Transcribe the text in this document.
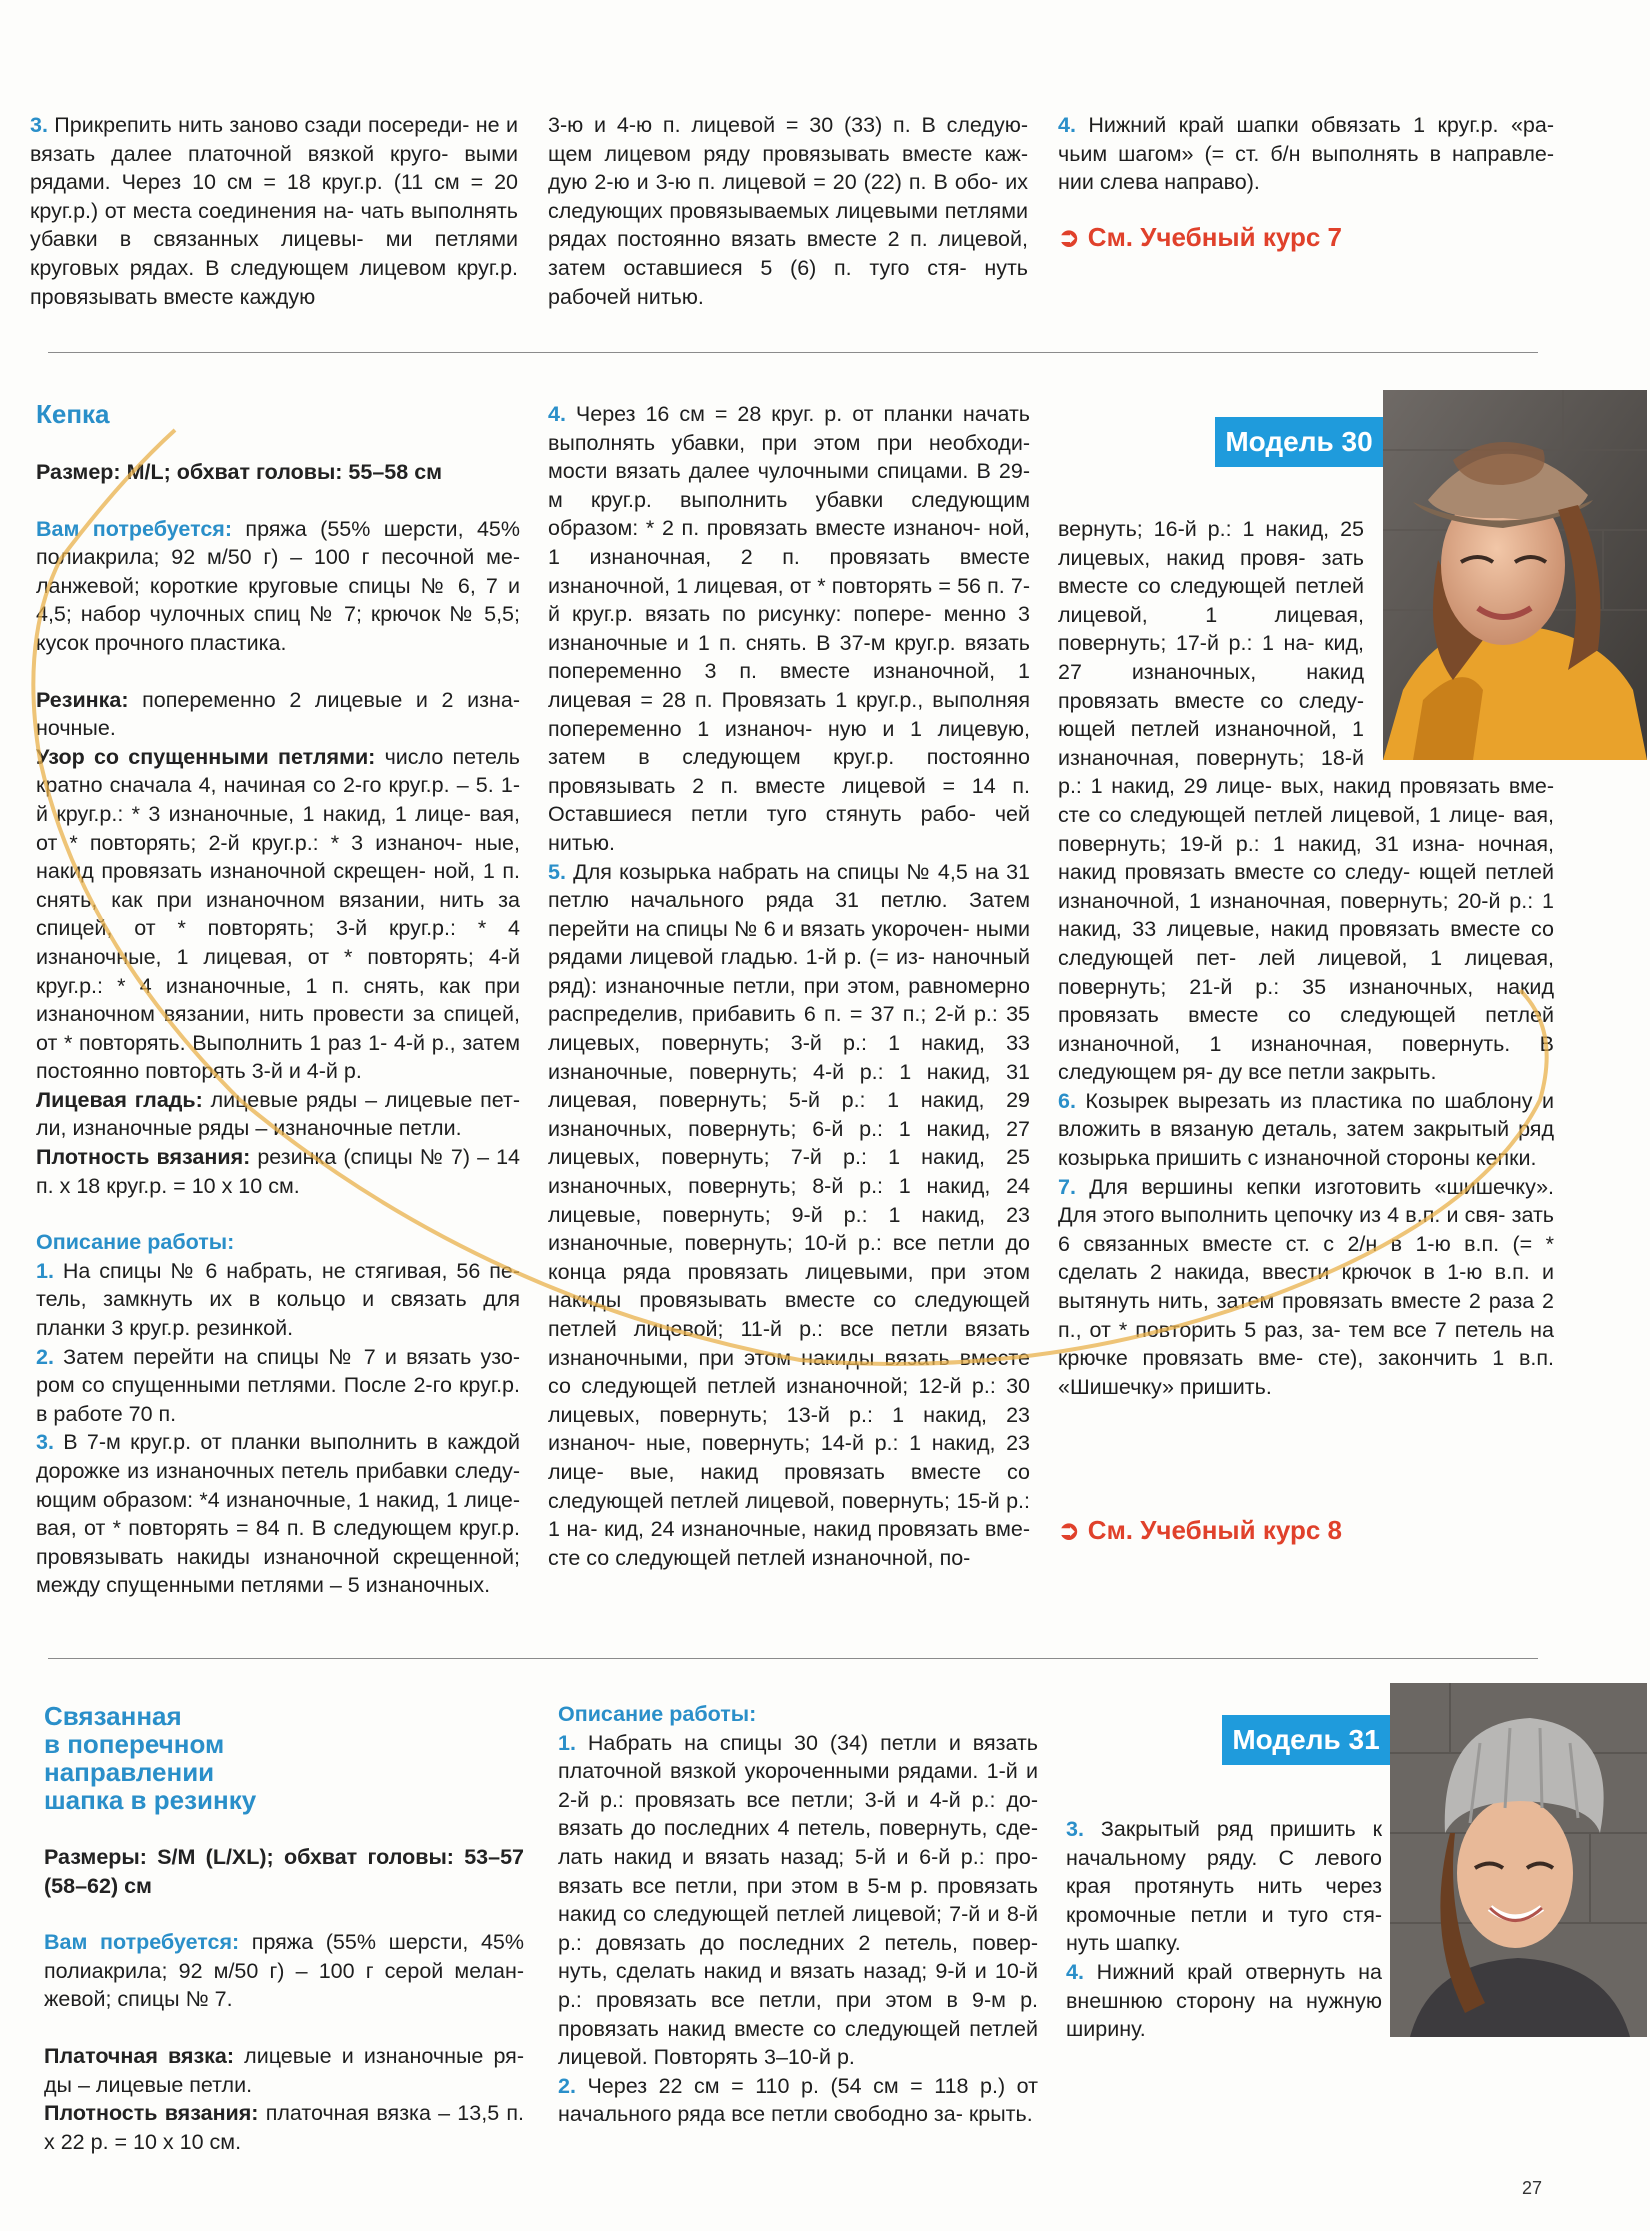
3. Прикрепить нить заново сзади посереди- не и вязать далее платочной вязкой круго- выми рядами. Через 10 см = 18 круг.р. (11 см = 20 круг.р.) от места соединения на- чать выполнять убавки в связанных лицевы- ми петлями круговых рядах. В следующем лицевом круг.р. провязывать вместе каждую

3-ю и 4-ю п. лицевой = 30 (33) п. В следую- щем лицевом ряду провязывать вместе каж- дую 2-ю и 3-ю п. лицевой = 20 (22) п. В обо- их следующих провязываемых лицевыми петлями рядах постоянно вязать вместе 2 п. лицевой, затем оставшиеся 5 (6) п. туго стя- нуть рабочей нитью.

4. Нижний край шапки обвязать 1 круг.р. «ра- чьим шагом» (= ст. б/н выполнять в направле- нии слева направо).

➲ См. Учебный курс 7
Кепка

Размер: M/L; обхват головы: 55–58 см

Вам потребуется: пряжа (55% шерсти, 45% полиакрила; 92 м/50 г) – 100 г песочной ме- ланжевой; короткие круговые спицы № 6, 7 и 4,5; набор чулочных спиц № 7; крючок № 5,5; кусок прочного пластика.

Резинка: попеременно 2 лицевые и 2 изна- ночные.

Узор со спущенными петлями: число петель кратно сначала 4, начиная со 2-го круг.р. – 5. 1-й круг.р.: * 3 изнаночные, 1 накид, 1 лице- вая, от * повторять; 2-й круг.р.: * 3 изнаноч- ные, накид провязать изнаночной скрещен- ной, 1 п. снять, как при изнаночном вязании, нить за спицей, от * повторять; 3-й круг.р.: * 4 изнаночные, 1 лицевая, от * повторять; 4-й круг.р.: * 4 изнаночные, 1 п. снять, как при изнаночном вязании, нить провести за спицей, от * повторять. Выполнить 1 раз 1- 4-й р., затем постоянно повторять 3-й и 4-й р.

Лицевая гладь: лицевые ряды – лицевые пет- ли, изнаночные ряды – изнаночные петли.

Плотность вязания: резинка (спицы № 7) – 14 п. x 18 круг.р. = 10 x 10 см.

Описание работы:

1. На спицы № 6 набрать, не стягивая, 56 пе- тель, замкнуть их в кольцо и связать для планки 3 круг.р. резинкой.

2. Затем перейти на спицы № 7 и вязать узо- ром со спущенными петлями. После 2-го круг.р. в работе 70 п.

3. В 7-м круг.р. от планки выполнить в каждой дорожке из изнаночных петель прибавки следу- ющим образом: *4 изнаночные, 1 накид, 1 лице- вая, от * повторять = 84 п. В следующем круг.р. провязывать накиды изнаночной скрещенной; между спущенными петлями – 5 изнаночных.

4. Через 16 см = 28 круг. р. от планки начать выполнять убавки, при этом при необходи- мости вязать далее чулочными спицами. В 29-м круг.р. выполнить убавки следующим образом: * 2 п. провязать вместе изнаноч- ной, 1 изнаночная, 2 п. провязать вместе изнаночной, 1 лицевая, от * повторять = 56 п. 7-й круг.р. вязать по рисунку: попере- менно 3 изнаночные и 1 п. снять. В 37-м круг.р. вязать попеременно 3 п. вместе изнаночной, 1 лицевая = 28 п. Провязать 1 круг.р., выполняя попеременно 1 изнаноч- ную и 1 лицевую, затем в следующем круг.р. постоянно провязывать 2 п. вместе лицевой = 14 п. Оставшиеся петли туго стянуть рабо- чей нитью.

5. Для козырька набрать на спицы № 4,5 на 31 петлю начального ряда 31 петлю. Затем перейти на спицы № 6 и вязать укорочен- ными рядами лицевой гладью. 1-й р. (= из- наночный ряд): изнаночные петли, при этом, равномерно распределив, прибавить 6 п. = 37 п.; 2-й р.: 35 лицевых, повернуть; 3-й р.: 1 накид, 33 изнаночные, повернуть; 4-й р.: 1 накид, 31 лицевая, повернуть; 5-й р.: 1 накид, 29 изнаночных, повернуть; 6-й р.: 1 накид, 27 лицевых, повернуть; 7-й р.: 1 накид, 25 изнаночных, повернуть; 8-й р.: 1 накид, 24 лицевые, повернуть; 9-й р.: 1 накид, 23 изнаночные, повернуть; 10-й р.: все петли до конца ряда провязать лицевыми, при этом накиды провязывать вместе со следующей петлей лицевой; 11-й р.: все петли вязать изнаночными, при этом накиды вязать вместе со следующей петлей изнаночной; 12-й р.: 30 лицевых, повернуть; 13-й р.: 1 накид, 23 изнаноч- ные, повернуть; 14-й р.: 1 накид, 23 лице- вые, накид провязать вместе со следующей петлей лицевой, повернуть; 15-й р.: 1 на- кид, 24 изнаночные, накид провязать вме- сте со следующей петлей изнаночной, по-

Модель 30

вернуть; 16-й р.: 1 накид, 25 лицевых, накид провя- зать вместе со следующей петлей лицевой, 1 лицевая, повернуть; 17-й р.: 1 на- кид, 27 изнаночных, накид провязать вместе со следу- ющей петлей изнаночной, 1 изнаночная, повернуть; 18-й р.: 1 накид, 29 лице- вых, накид провязать вме- сте со следующей петлей лицевой, 1 лице- вая, повернуть; 19-й р.: 1 накид, 31 изна- ночная, накид провязать вместе со следу- ющей петлей изнаночной, 1 изнаночная, повернуть; 20-й р.: 1 накид, 33 лицевые, накид провязать вместе со следующей пет- лей лицевой, 1 лицевая, повернуть; 21-й р.: 35 изнаночных, накид провязать вместе со следующей петлей изнаночной, 1 изнаночная, повернуть. В следующем ря- ду все петли закрыть.

6. Козырек вырезать из пластика по шаблону и вложить в вязаную деталь, затем закрытый ряд козырька пришить с изнаночной стороны кепки.

7. Для вершины кепки изготовить «шишечку». Для этого выполнить цепочку из 4 в.п. и свя- зать 6 связанных вместе ст. с 2/н в 1-ю в.п. (= * сделать 2 накида, ввести крючок в 1-ю в.п. и вытянуть нить, затем провязать вместе 2 раза 2 п., от * повторить 5 раз, за- тем все 7 петель на крючке провязать вме- сте), закончить 1 в.п. «Шишечку» пришить.

➲ См. Учебный курс 8
Связанная
в поперечном
направлении
шапка в резинку

Размеры: S/M (L/XL); обхват головы: 53–57 (58–62) см

Вам потребуется: пряжа (55% шерсти, 45% полиакрила; 92 м/50 г) – 100 г серой мелан- жевой; спицы № 7.

Платочная вязка: лицевые и изнаночные ря- ды – лицевые петли.

Плотность вязания: платочная вязка – 13,5 п. x 22 р. = 10 x 10 см.

Описание работы:

1. Набрать на спицы 30 (34) петли и вязать платочной вязкой укороченными рядами. 1-й и 2-й р.: провязать все петли; 3-й и 4-й р.: до- вязать до последних 4 петель, повернуть, сде- лать накид и вязать назад; 5-й и 6-й р.: про- вязать все петли, при этом в 5-м р. провязать накид со следующей петлей лицевой; 7-й и 8-й р.: довязать до последних 2 петель, повер- нуть, сделать накид и вязать назад; 9-й и 10-й р.: провязать все петли, при этом в 9-м р. провязать накид вместе со следующей петлей лицевой. Повторять 3–10-й р.

2. Через 22 см = 110 р. (54 см = 118 р.) от начального ряда все петли свободно за- крыть.

Модель 31

3. Закрытый ряд пришить к начальному ряду. С левого края протянуть нить через кромочные петли и туго стя- нуть шапку.

4. Нижний край отвернуть на внешнюю сторону на нужную ширину.

27
